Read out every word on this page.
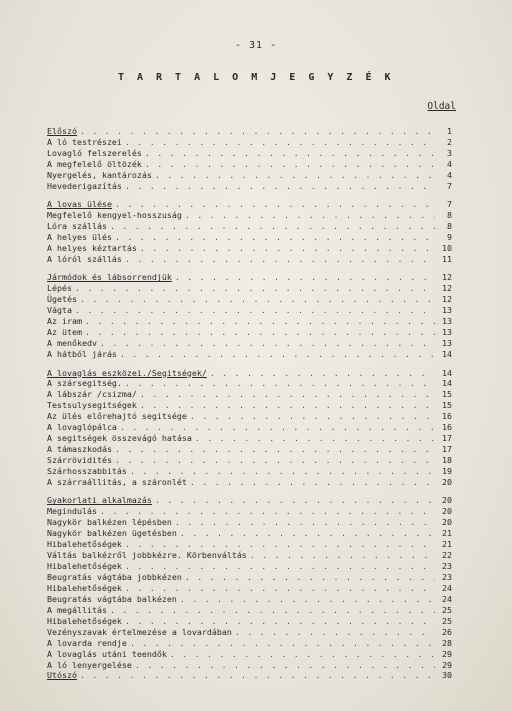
- 31 -
T A R T A L O M J E G Y Z É K
Oldal
Előszó . . .	1
A ló testrészei . . .	2
Lovagló felszerelés . . .	3
A megfelelő öltözék . . .	4
Nyergelés, kantározás . . .	4
Hevederigazítás . . .	7
A lovas ülése . . .	7
Megfelelő kengyel-hosszuság . . .	8
Lóra szállás . . .	8
A helyes ülés . . .	9
A helyes kéztartás . . .	10
A lóról szállás . . .	11
Jármódok és lábsorrendjük . . .	12
Lépés . . .	12
Ügetés . . .	12
Vágta . . .	13
Az iram . . .	13
Az ütem . . .	13
A menőkedv . . .	13
A hátból járás . . .	14
A lovaglás eszközei./Segitségek/ . . .	14
A szársegitség. . . .	14
A lábszár /csizma/ . . .	15
Testsulysegitségek . . .	15
Az ülés előrehajtó segitsége . . .	16
A lovaglópálca . . .	16
A segitségek összevágó hatása . . .	17
A támaszkodás . . .	17
Szárrövidités . . .	18
Szárhosszabbitás . . .	19
A szárraállitás, a száronlét . . .	20
Gyakorlati alkalmazás . . .	20
Megindulás . . .	20
Nagykör balkézen lépésben . . .	20
Nagykör balkézen ügetésben . . .	21
Hibalehetőségek . . .	21
Váltás balkézről jobbkézre. Körbenváltás . . .	22
Hibalehetőségek . . .	23
Beugratás vágtába jobbkézen . . .	23
Hibalehetőségek . . .	24
Beugratás vágtába balkézen . . .	24
A megállitás . . .	25
Hibalehetőségek . . .	25
Vezényszavak értelmezése a lovardában . . .	26
A lovarda rendje . . .	28
A lovaglás utáni teendők . . .	29
A ló lenyergelése . . .	29
Utószó . . .	30
